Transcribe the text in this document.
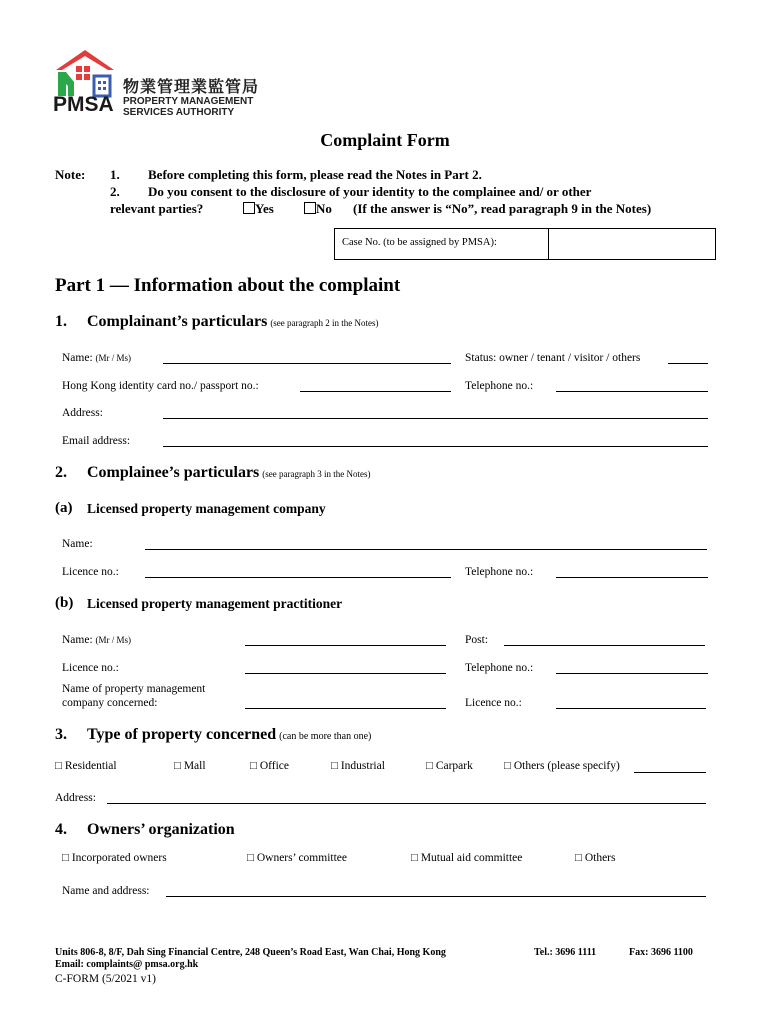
物業管理業監管局
PMSA PROPERTY MANAGEMENT
SERVICES AUTHORITY
Complaint Form
Note: 1. Before completing this form, please read the Notes in Part 2.
2. Do you consent to the disclosure of your identity to the complainee and/ or other
relevant parties?	Yes	No (If the answer is “No”, read paragraph 9 in the Notes)
Case No. (to be assigned by PMSA):
Part 1 — Information about the complaint
1. Complainant’s particulars (see paragraph 2 in the Notes)
Name: (Mr / Ms)	Status: owner / tenant / visitor / others
Hong Kong identity card no./ passport no.:	Telephone no.:
Address:
Email address:
2. Complainee’s particulars (see paragraph 3 in the Notes)
(a) Licensed property management company
Name:
Licence no.:	Telephone no.:
(b) Licensed property management practitioner
Name: (Mr / Ms)	Post:
Licence no.:	Telephone no.:
Name of property management
company concerned:	Licence no.:
3. Type of property concerned (can be more than one)
□ Residential	□ Mall	□ Office	□ Industrial	□ Carpark	□ Others (please specify)
Address:
4. Owners’ organization
□ Incorporated owners	□ Owners’ committee	□ Mutual aid committee	□ Others
Name and address:
Units 806-8, 8/F, Dah Sing Financial Centre, 248 Queen’s Road East, Wan Chai, Hong Kong	Tel.: 3696 1111	Fax: 3696 1100
Email: complaints@ pmsa.org.hk
C-FORM (5/2021 v1)
